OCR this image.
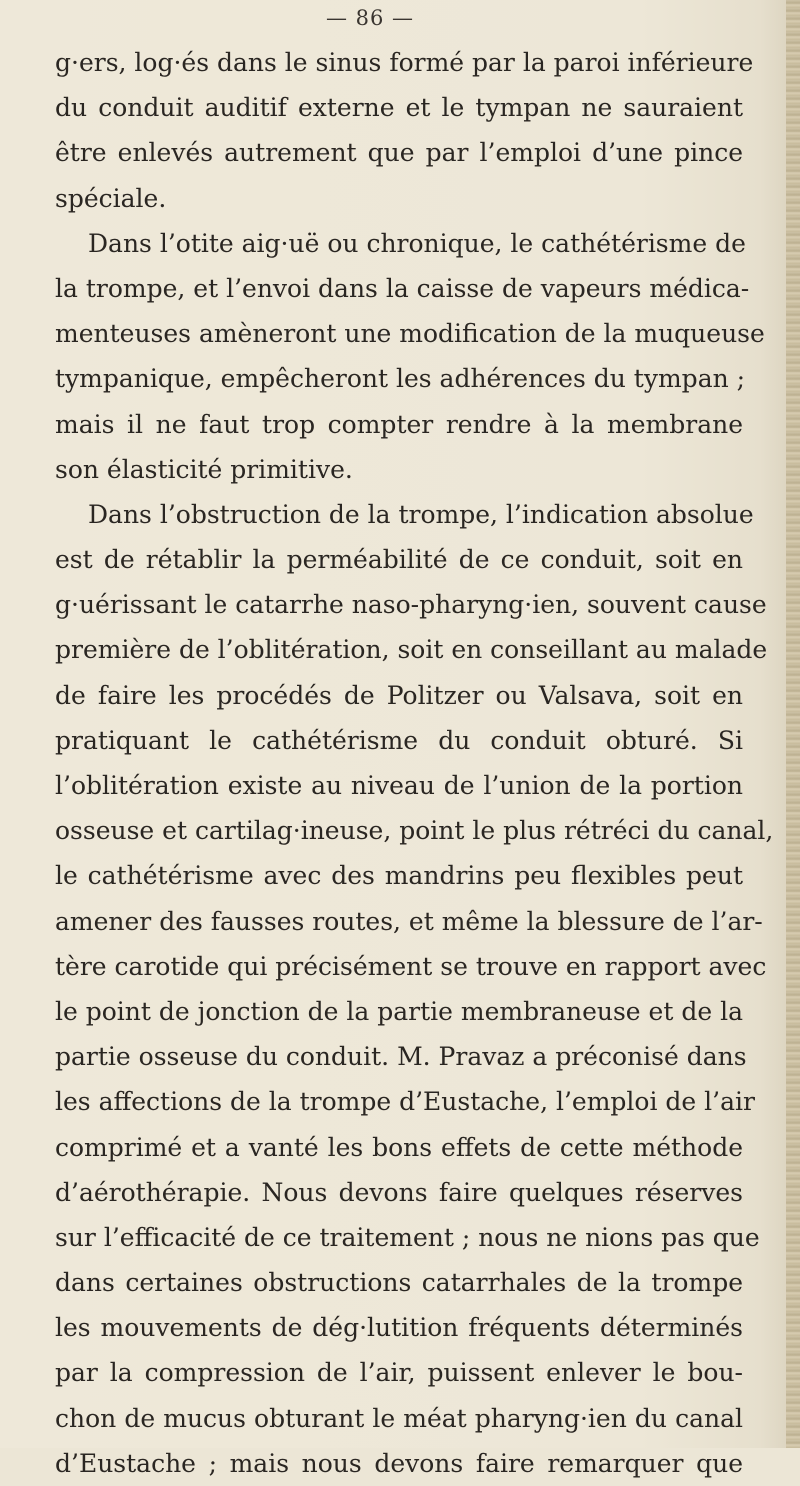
— 86 —
g·ers, log·és dans le sinus formé par la paroi inférieure
du conduit auditif externe et le tympan ne sauraient
être enlevés autrement que par l’emploi d’une pince
spéciale.
Dans l’otite aig·uë ou chronique, le cathétérisme de
la trompe, et l’envoi dans la caisse de vapeurs médica-
menteuses amèneront une modification de la muqueuse
tympanique, empêcheront les adhérences du tympan ;
mais il ne faut trop compter rendre à la membrane
son élasticité primitive.
Dans l’obstruction de la trompe, l’indication absolue
est de rétablir la perméabilité de ce conduit, soit en
g·uérissant le catarrhe naso-pharyng·ien, souvent cause
première de l’oblitération, soit en conseillant au malade
de faire les procédés de Politzer ou Valsava, soit en
pratiquant le cathétérisme du conduit obturé. Si
l’oblitération existe au niveau de l’union de la portion
osseuse et cartilag·ineuse, point le plus rétréci du canal,
le cathétérisme avec des mandrins peu flexibles peut
amener des fausses routes, et même la blessure de l’ar-
tère carotide qui précisément se trouve en rapport avec
le point de jonction de la partie membraneuse et de la
partie osseuse du conduit. M. Pravaz a préconisé dans
les affections de la trompe d’Eustache, l’emploi de l’air
comprimé et a vanté les bons effets de cette méthode
d’aérothérapie. Nous devons faire quelques réserves
sur l’efficacité de ce traitement ; nous ne nions pas que
dans certaines obstructions catarrhales de la trompe
les mouvements de dég·lutition fréquents déterminés
par la compression de l’air, puissent enlever le bou-
chon de mucus obturant le méat pharyng·ien du canal
d’Eustache ; mais nous devons faire remarquer que
